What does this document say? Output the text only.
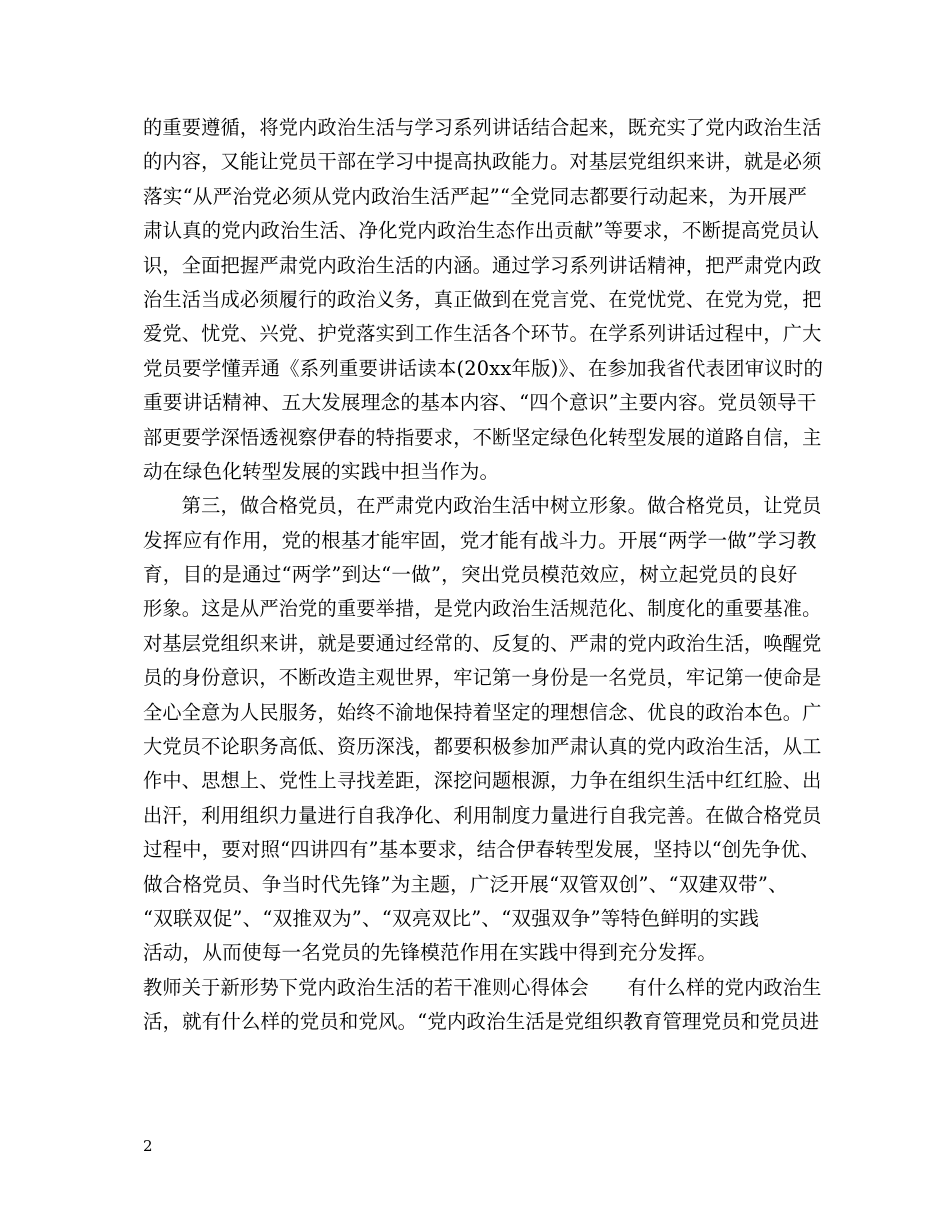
的重要遵循，将党内政治生活与学习系列讲话结合起来，既充实了党内政治生活
的内容，又能让党员干部在学习中提高执政能力。对基层党组织来讲，就是必须
落实“从严治党必须从党内政治生活严起”“全党同志都要行动起来，为开展严
肃认真的党内政治生活、净化党内政治生态作出贡献”等要求，不断提高党员认
识，全面把握严肃党内政治生活的内涵。通过学习系列讲话精神，把严肃党内政
治生活当成必须履行的政治义务，真正做到在党言党、在党忧党、在党为党，把
爱党、忧党、兴党、护党落实到工作生活各个环节。在学系列讲话过程中，广大
党员要学懂弄通《系列重要讲话读本(20xx年版)》、在参加我省代表团审议时的
重要讲话精神、五大发展理念的基本内容、“四个意识”主要内容。党员领导干
部更要学深悟透视察伊春的特指要求，不断坚定绿色化转型发展的道路自信，主
动在绿色化转型发展的实践中担当作为。
　　第三，做合格党员，在严肃党内政治生活中树立形象。做合格党员，让党员
发挥应有作用，党的根基才能牢固，党才能有战斗力。开展“两学一做”学习教
育，目的是通过“两学”到达“一做”，突出党员模范效应，树立起党员的良好
形象。这是从严治党的重要举措，是党内政治生活规范化、制度化的重要基准。
对基层党组织来讲，就是要通过经常的、反复的、严肃的党内政治生活，唤醒党
员的身份意识，不断改造主观世界，牢记第一身份是一名党员，牢记第一使命是
全心全意为人民服务，始终不渝地保持着坚定的理想信念、优良的政治本色。广
大党员不论职务高低、资历深浅，都要积极参加严肃认真的党内政治生活，从工
作中、思想上、党性上寻找差距，深挖问题根源，力争在组织生活中红红脸、出
出汗，利用组织力量进行自我净化、利用制度力量进行自我完善。在做合格党员
过程中，要对照“四讲四有”基本要求，结合伊春转型发展，坚持以“创先争优、
做合格党员、争当时代先锋”为主题，广泛开展“双管双创”、“双建双带”、
“双联双促”、“双推双为”、“双亮双比”、“双强双争”等特色鲜明的实践
活动，从而使每一名党员的先锋模范作用在实践中得到充分发挥。
教师关于新形势下党内政治生活的若干准则心得体会　　有什么样的党内政治生
活，就有什么样的党员和党风。“党内政治生活是党组织教育管理党员和党员进
2
